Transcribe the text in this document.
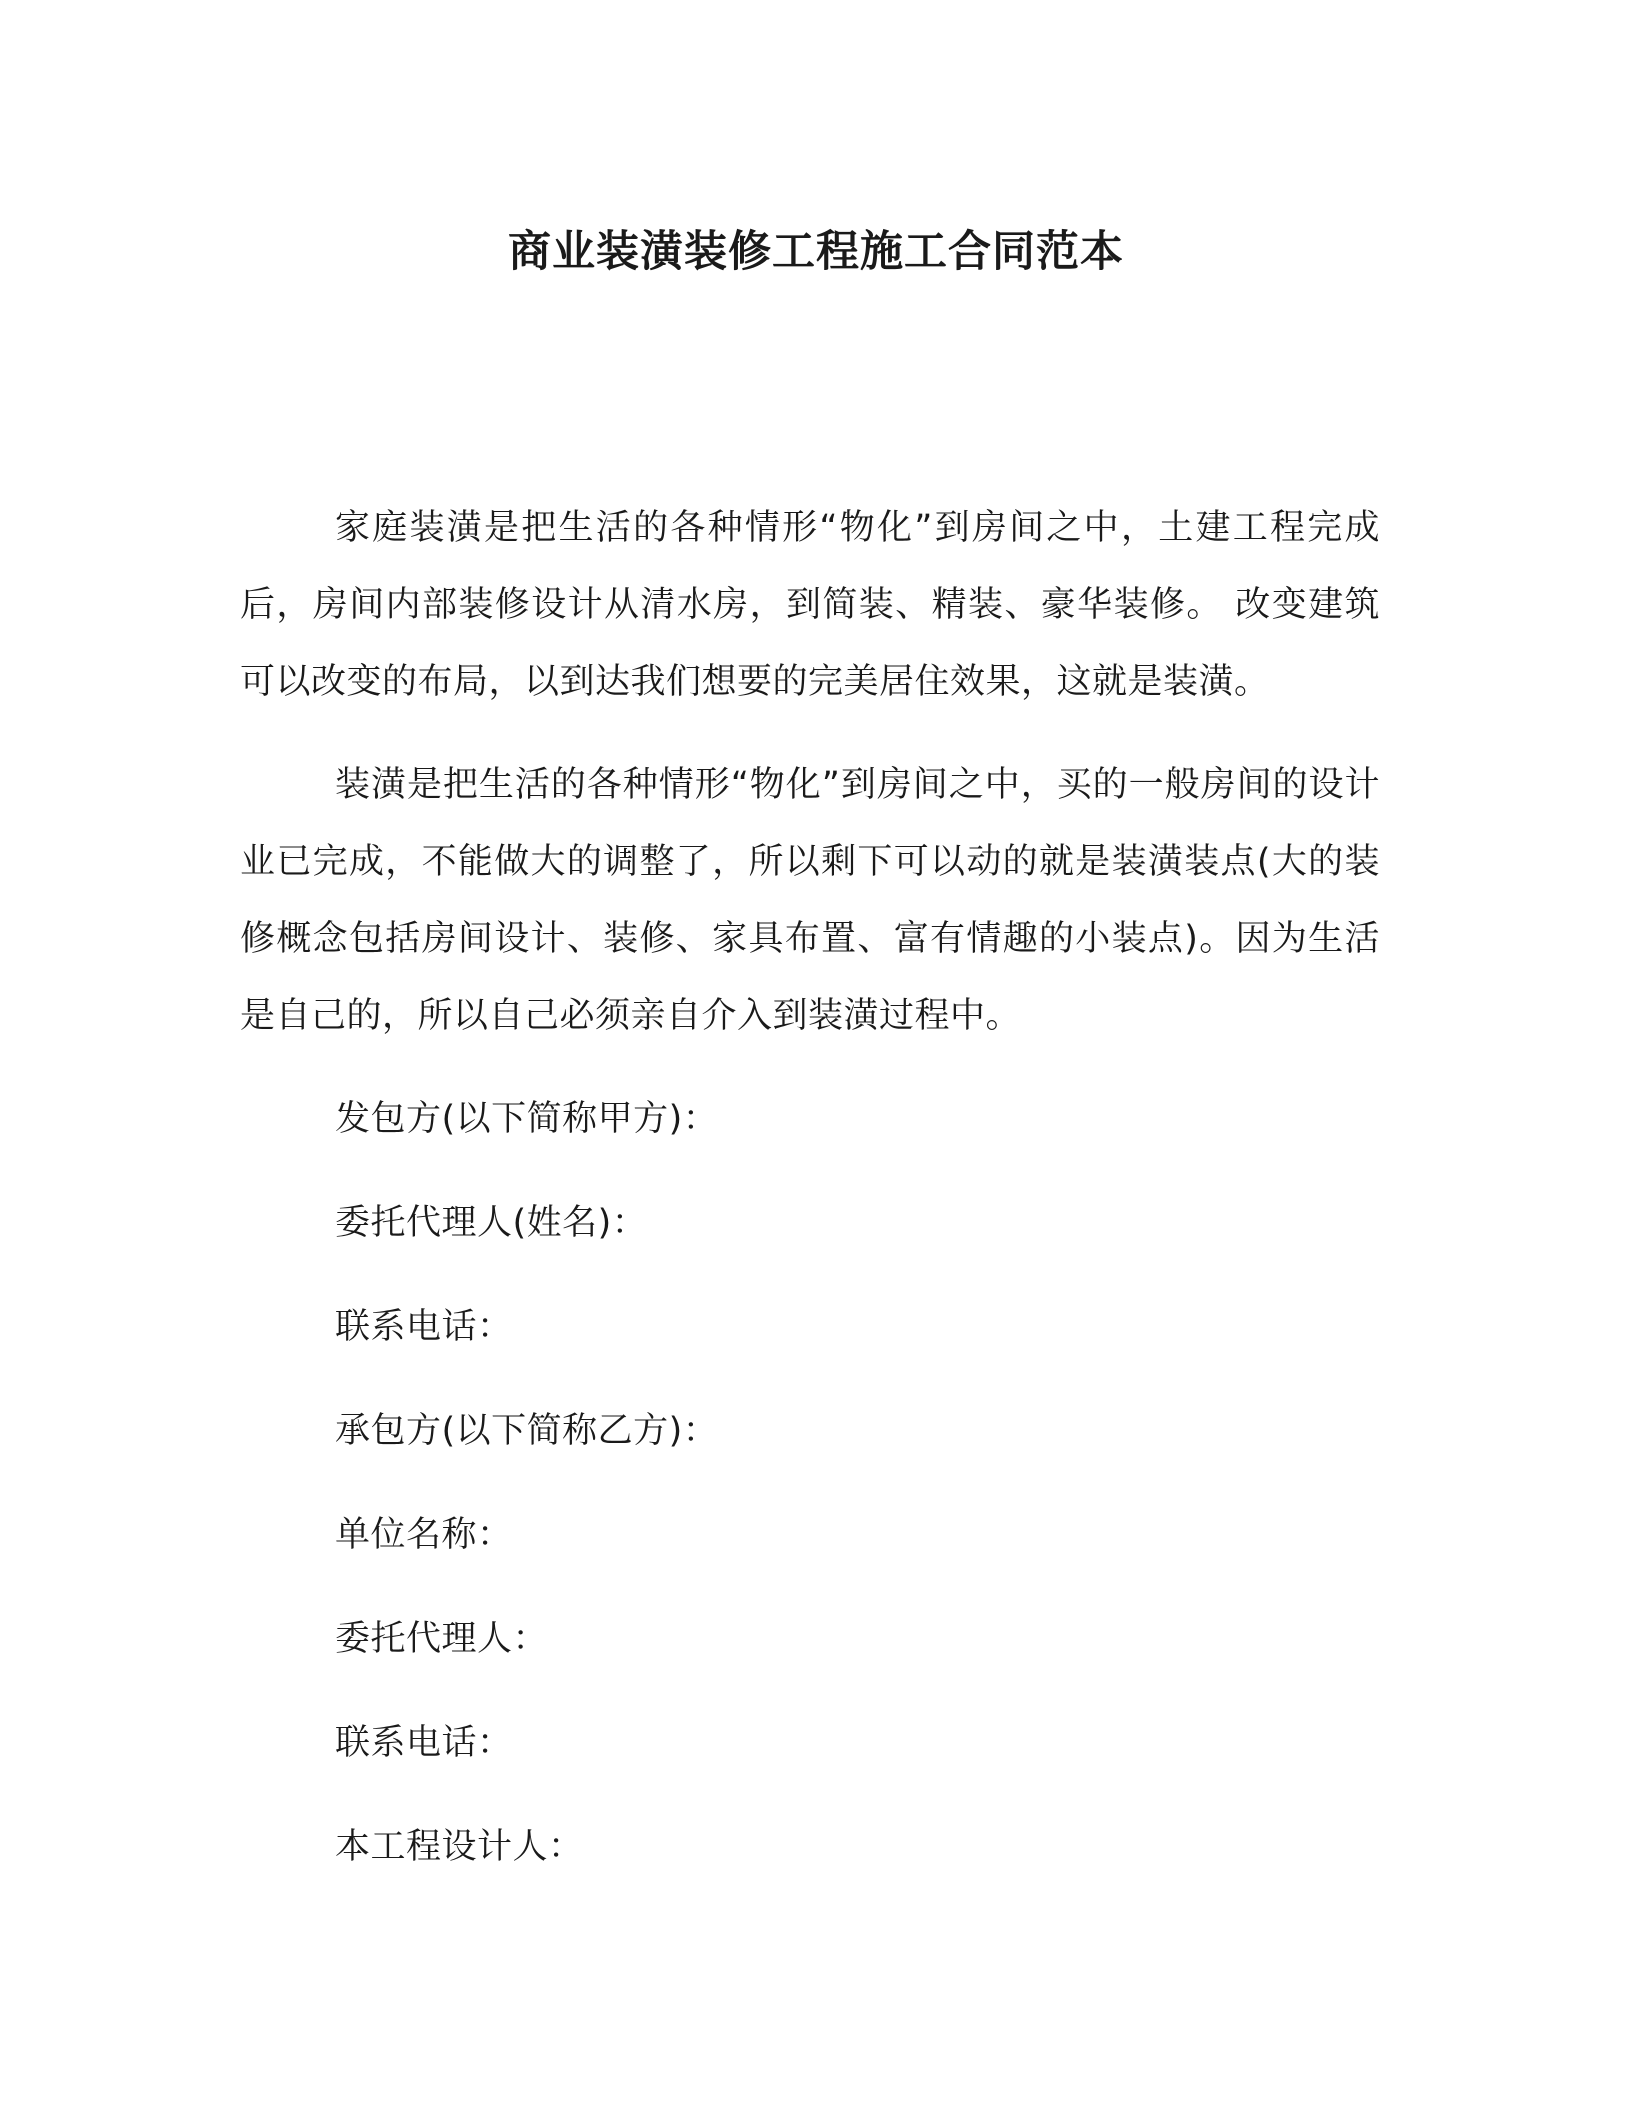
商业装潢装修工程施工合同范本

家庭装潢是把生活的各种情形“物化”到房间之中，土建工程完成后，房间内部装修设计从清水房，到简装、精装、豪华装修。 改变建筑可以改变的布局，以到达我们想要的完美居住效果，这就是装潢。

装潢是把生活的各种情形“物化”到房间之中，买的一般房间的设计业已完成，不能做大的调整了，所以剩下可以动的就是装潢装点(大的装修概念包括房间设计、装修、家具布置、富有情趣的小装点)。因为生活是自己的，所以自己必须亲自介入到装潢过程中。

发包方(以下简称甲方)：

委托代理人(姓名)：

联系电话：

承包方(以下简称乙方)：

单位名称：

委托代理人：

联系电话：

本工程设计人：
